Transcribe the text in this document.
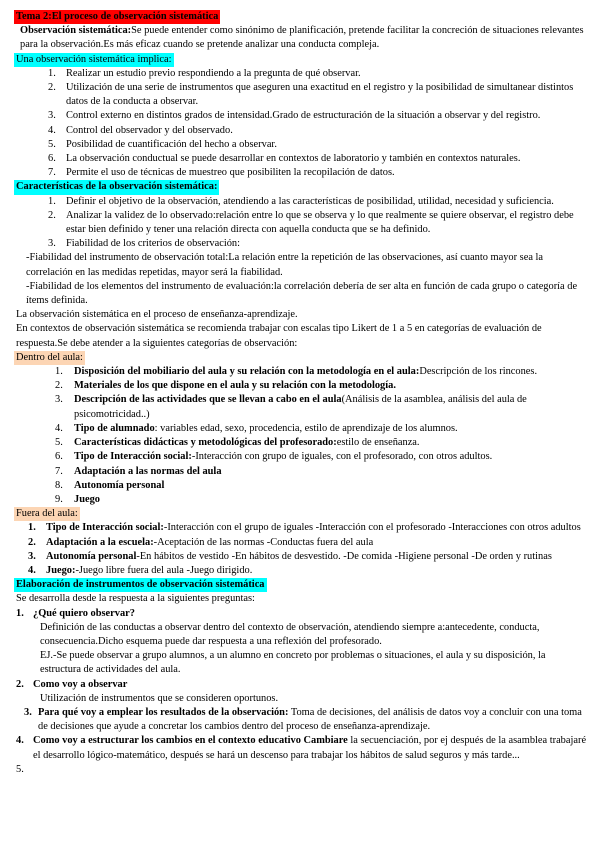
Tema 2:El proceso de observación sistemática

Observación sistemática:Se puede entender como sinónimo de planificación, pretende facilitar la concreción de situaciones relevantes para la observación.Es más eficaz cuando se pretende analizar una conducta compleja.

Una observación sistemática implica:

1. Realizar un estudio previo respondiendo a la pregunta de qué observar.
2. Utilización de una serie de instrumentos que aseguren una exactitud en el registro y la posibilidad de simultanear distintos datos de la conducta a observar.
3. Control externo en distintos grados de intensidad.Grado de estructuración de la situación a observar y del registro.
4. Control del observador y del observado.
5. Posibilidad de cuantificación del hecho a observar.
6. La observación conductual se puede desarrollar en contextos de laboratorio y también en contextos naturales.
7. Permite el uso de técnicas de muestreo que posibiliten la recopilación de datos.

Características de la observación sistemática:

1. Definir el objetivo de la observación, atendiendo a las características de posibilidad, utilidad, necesidad y suficiencia.
2. Analizar la validez de lo observado:relación entre lo que se observa y lo que realmente se quiere observar, el registro debe estar bien definido y tener una relación directa con aquella conducta que se ha definido.
3. Fiabilidad de los criterios de observación:

-Fiabilidad del instrumento de observación total:La relación entre la repetición de las observaciones, así cuanto mayor sea la correlación en las medidas repetidas, mayor será la fiabilidad.

-Fiabilidad de los elementos del instrumento de evaluación:la correlación debería de ser alta en función de cada grupo o categoría de ítems definida.

La observación sistemática en el proceso de enseñanza-aprendizaje.

En contextos de observación sistemática se recomienda trabajar con escalas tipo Likert de 1 a 5 en categorías de evaluación de respuesta.Se debe atender a la siguientes categorías de observación:

Dentro del aula:

1. Disposición del mobiliario del aula y su relación con la metodología en el aula:Descripción de los rincones.
2. Materiales de los que dispone en el aula y su relación con la metodología.
3. Descripción de las actividades que se llevan a cabo en el aula(Análisis de la asamblea, análisis del aula de psicomotricidad..)
4. Tipo de alumnado: variables edad, sexo, procedencia, estilo de aprendizaje de los alumnos.
5. Características didácticas y metodológicas del profesorado:estilo de enseñanza.
6. Tipo de Interacción social:-Interacción con grupo de iguales, con el profesorado, con otros adultos.
7. Adaptación a las normas del aula
8. Autonomía personal
9. Juego

Fuera del aula:

1. Tipo de Interacción social:-Interacción con el grupo de iguales -Interacción con el profesorado -Interacciones con otros adultos
2. Adaptación a la escuela:-Aceptación de las normas -Conductas fuera del aula
3. Autonomía personal-En hábitos de vestido -En hábitos de desvestido. -De comida -Higiene personal -De orden y rutinas
4. Juego:-Juego libre fuera del aula -Juego dirigido.

Elaboración de instrumentos de observación sistemática

Se desarrolla desde la respuesta a la siguientes preguntas:

1. ¿Qué quiero observar?

Definición de las conductas a observar dentro del contexto de observación, atendiendo siempre a:antecedente, conducta, consecuencia.Dicho esquema puede dar respuesta a una reflexión del profesorado.

EJ.-Se puede observar a grupo alumnos, a un alumno en concreto por problemas o situaciones, el aula y su disposición, la estructura de actividades del aula.

2. Como voy a observar

Utilización de instrumentos que se consideren oportunos.

3. Para qué voy a emplear los resultados de la observación: Toma de decisiones, del análisis de datos voy a concluir con una toma de decisiones que ayude a concretar los cambios dentro del proceso de enseñanza-aprendizaje.
4. Como voy a estructurar los cambios en el contexto educativo Cambiare la secuenciación, por ej después de la asamblea trabajaré el desarrollo lógico-matemático, después se hará un descenso para trabajar los hábitos de salud seguros y más tarde...

5.
